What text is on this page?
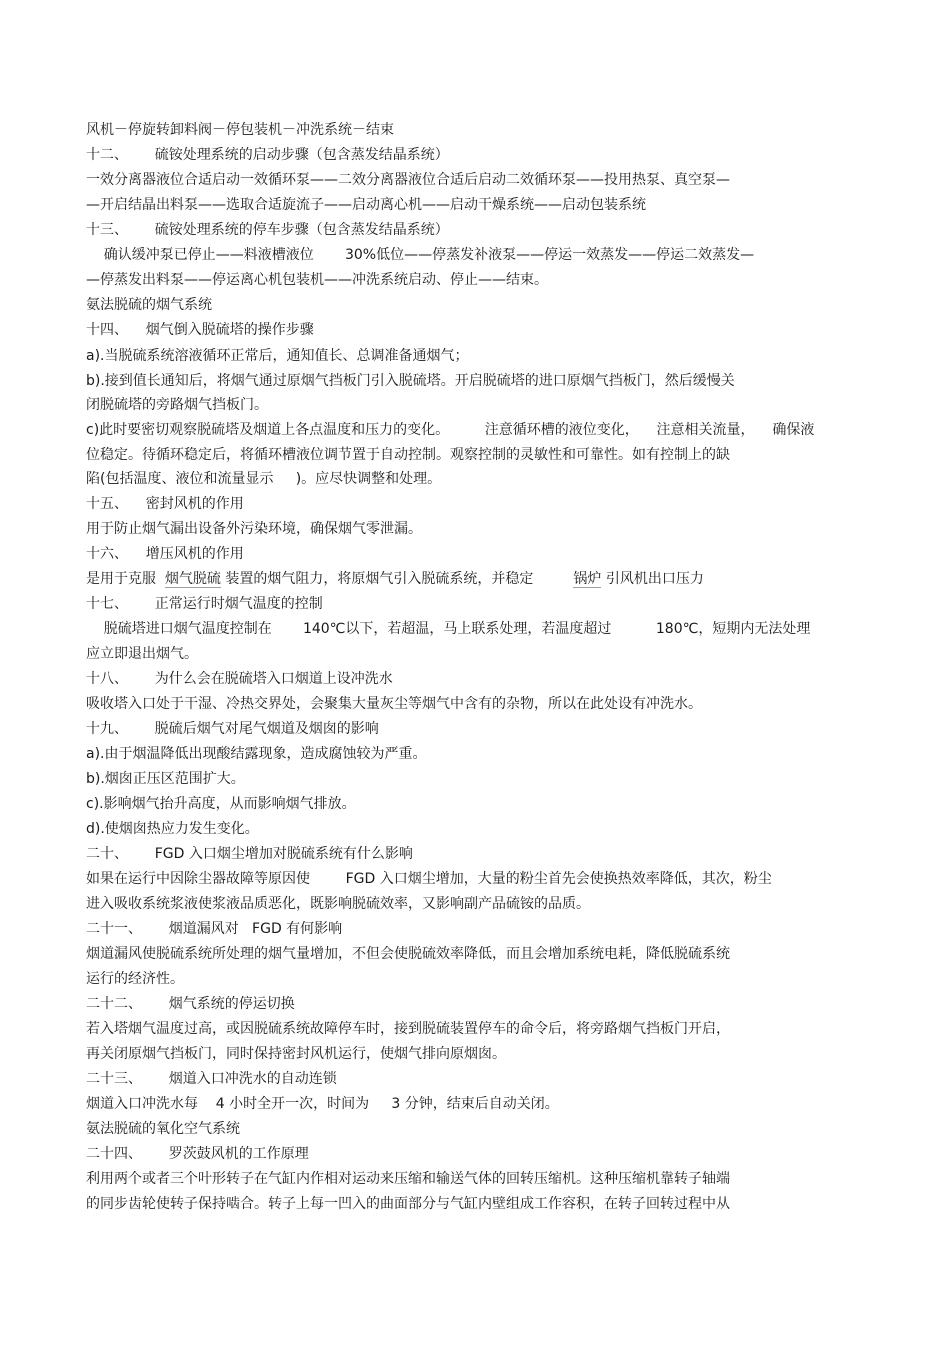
风机－停旋转卸料阀－停包装机－冲洗系统－结束
十二、      硫铵处理系统的启动步骤（包含蒸发结晶系统）
一效分离器液位合适启动一效循环泵——二效分离器液位合适后启动二效循环泵——投用热泵、真空泵—
—开启结晶出料泵——选取合适旋流子——启动离心机——启动干燥系统——启动包装系统
十三、      硫铵处理系统的停车步骤（包含蒸发结晶系统）
确认缓冲泵已停止——料液槽液位       30%低位——停蒸发补液泵——停运一效蒸发——停运二效蒸发—
—停蒸发出料泵——停运离心机包装机——冲洗系统启动、停止——结束。
氨法脱硫的烟气系统
十四、    烟气倒入脱硫塔的操作步骤
a).当脱硫系统溶液循环正常后，通知值长、总调准备通烟气；
b).接到值长通知后，将烟气通过原烟气挡板门引入脱硫塔。开启脱硫塔的进口原烟气挡板门，然后缓慢关
闭脱硫塔的旁路烟气挡板门。
c)此时要密切观察脱硫塔及烟道上各点温度和压力的变化。        注意循环槽的液位变化，    注意相关流量，    确保液
位稳定。待循环稳定后，将循环槽液位调节置于自动控制。观察控制的灵敏性和可靠性。如有控制上的缺
陷(包括温度、液位和流量显示     )。应尽快调整和处理。
十五、    密封风机的作用
用于防止烟气漏出设备外污染环境，确保烟气零泄漏。
十六、    增压风机的作用
是用于克服  烟气脱硫 装置的烟气阻力，将原烟气引入脱硫系统，并稳定         锅炉 引风机出口压力
十七、      正常运行时烟气温度的控制
脱硫塔进口烟气温度控制在       140℃以下，若超温，马上联系处理，若温度超过          180℃，短期内无法处理
应立即退出烟气。
十八、      为什么会在脱硫塔入口烟道上设冲洗水
吸收塔入口处于干湿、冷热交界处，会聚集大量灰尘等烟气中含有的杂物，所以在此处设有冲洗水。
十九、      脱硫后烟气对尾气烟道及烟囱的影响
a).由于烟温降低出现酸结露现象，造成腐蚀较为严重。
b).烟囱正压区范围扩大。
c).影响烟气抬升高度，从而影响烟气排放。
d).使烟囱热应力发生变化。
二十、      FGD 入口烟尘增加对脱硫系统有什么影响
如果在运行中因除尘器故障等原因使        FGD 入口烟尘增加，大量的粉尘首先会使换热效率降低，其次，粉尘
进入吸收系统浆液使浆液品质恶化，既影响脱硫效率，又影响副产品硫铵的品质。
二十一、      烟道漏风对   FGD 有何影响
烟道漏风使脱硫系统所处理的烟气量增加，不但会使脱硫效率降低，而且会增加系统电耗，降低脱硫系统
运行的经济性。
二十二、      烟气系统的停运切换
若入塔烟气温度过高，或因脱硫系统故障停车时，接到脱硫装置停车的命令后，将旁路烟气挡板门开启，
再关闭原烟气挡板门，同时保持密封风机运行，使烟气排向原烟囱。
二十三、      烟道入口冲洗水的自动连锁
烟道入口冲洗水每    4 小时全开一次，时间为     3 分钟，结束后自动关闭。
氨法脱硫的氧化空气系统
二十四、      罗茨鼓风机的工作原理
利用两个或者三个叶形转子在气缸内作相对运动来压缩和输送气体的回转压缩机。这种压缩机靠转子轴端
的同步齿轮使转子保持啮合。转子上每一凹入的曲面部分与气缸内壁组成工作容积，在转子回转过程中从
